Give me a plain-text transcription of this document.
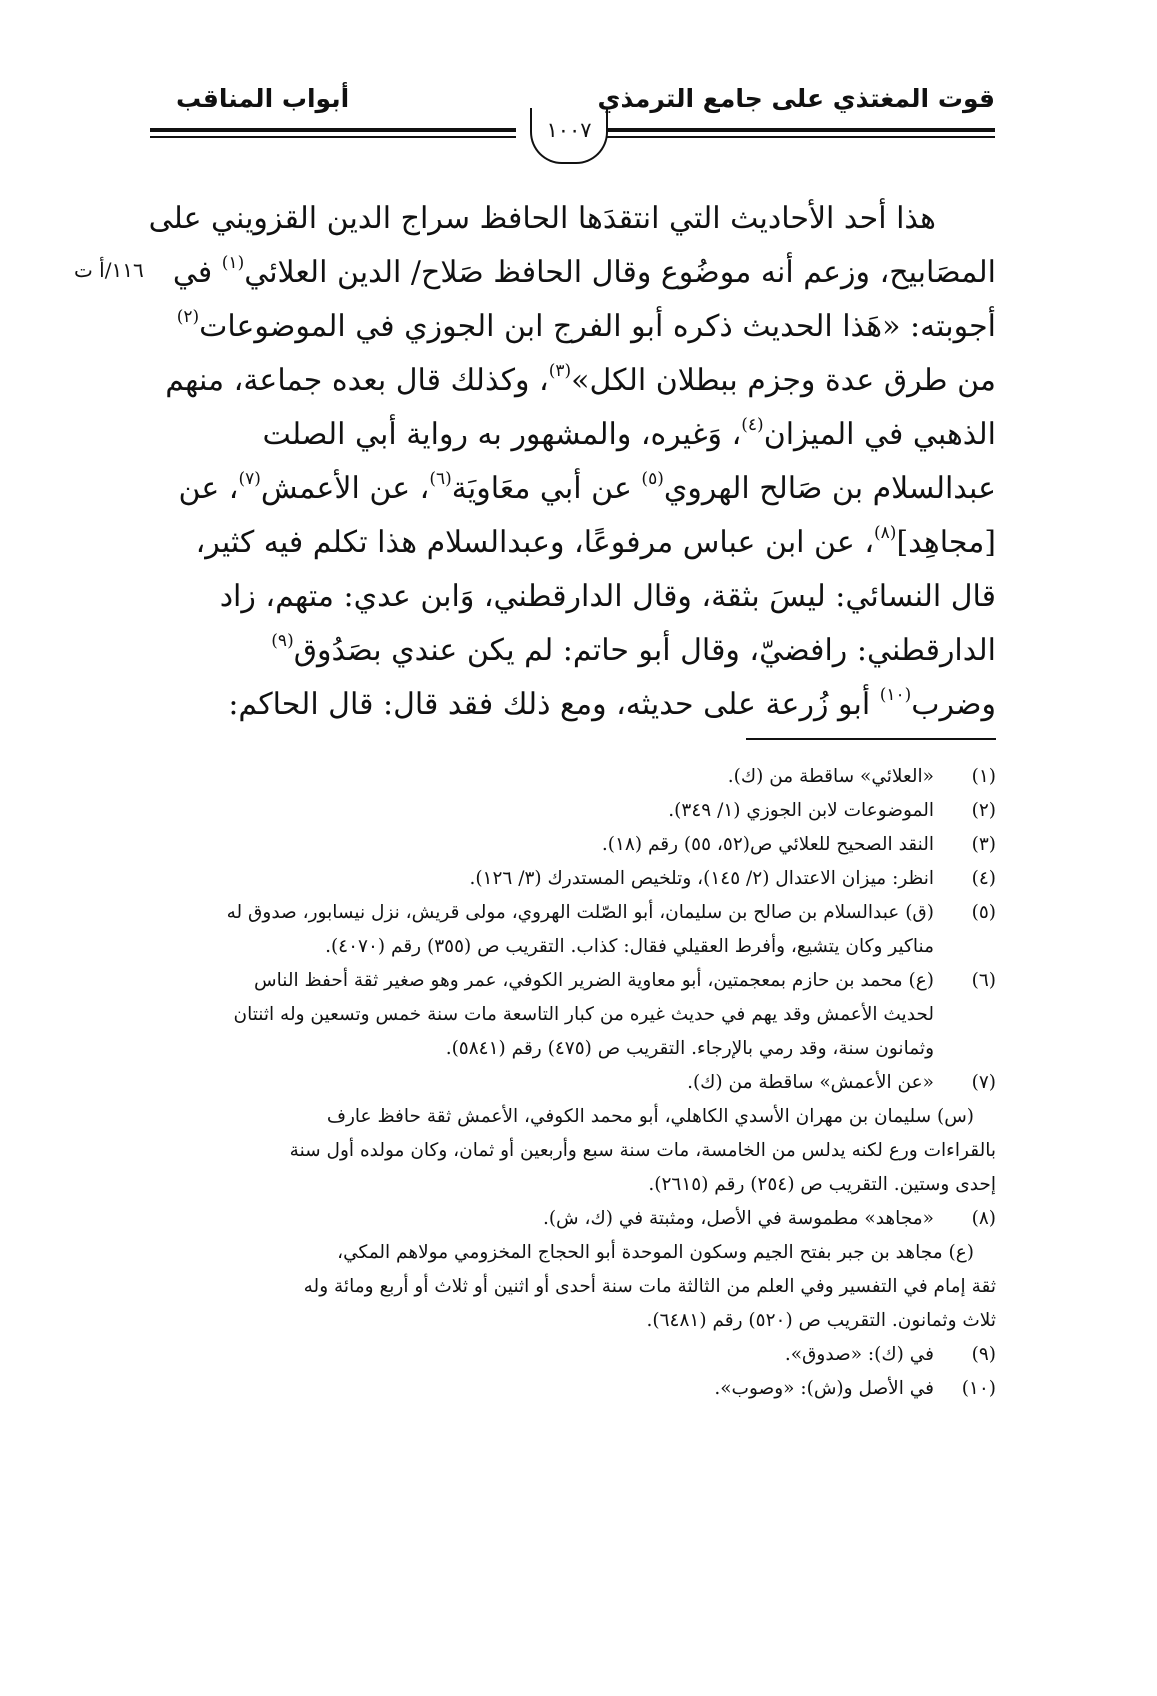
قوت المغتذي على جامع الترمذي
أبواب المناقب
١٠٠٧
١١٦/أ ت
هذا أحد الأحاديث التي انتقدَها الحافظ سراج الدين القزويني على
المصَابيح، وزعم أنه موضُوع وقال الحافظ صَلاح/ الدين العلائي$^{(١)}$ في
أجوبته: «هَذا الحديث ذكره أبو الفرج ابن الجوزي في الموضوعات$^{(٢)}$
من طرق عدة وجزم ببطلان الكل»$^{(٣)}$، وكذلك قال بعده جماعة، منهم
الذهبي في الميزان$^{(٤)}$، وَغيره، والمشهور به رواية أبي الصلت
عبدالسلام بن صَالح الهروي$^{(٥)}$ عن أبي معَاويَة$^{(٦)}$، عن الأعمش$^{(٧)}$، عن
[مجاهِد]$^{(٨)}$، عن ابن عباس مرفوعًا، وعبدالسلام هذا تكلم فيه كثير،
قال النسائي: ليسَ بثقة، وقال الدارقطني، وَابن عدي: متهم، زاد
الدارقطني: رافضيّ، وقال أبو حاتم: لم يكن عندي بصَدُوق$^{(٩)}$
وضرب$^{(١٠)}$ أبو زُرعة على حديثه، ومع ذلك فقد قال: قال الحاكم:
(١)
«العلائي» ساقطة من (ك).
(٢)
الموضوعات لابن الجوزي (١/ ٣٤٩).
(٣)
النقد الصحيح للعلائي ص(٥٢، ٥٥) رقم (١٨).
(٤)
انظر: ميزان الاعتدال (٢/ ١٤٥)، وتلخيص المستدرك (٣/ ١٢٦).
(٥)
(ق) عبدالسلام بن صالح بن سليمان، أبو الصّلت الهروي، مولى قريش، نزل نيسابور، صدوق له
مناكير وكان يتشيع، وأفرط العقيلي فقال: كذاب. التقريب ص (٣٥٥) رقم (٤٠٧٠).
(٦)
(ع) محمد بن حازم بمعجمتين، أبو معاوية الضرير الكوفي، عمر وهو صغير ثقة أحفظ الناس
لحديث الأعمش وقد يهم في حديث غيره من كبار التاسعة مات سنة خمس وتسعين وله اثنتان
وثمانون سنة، وقد رمي بالإرجاء. التقريب ص (٤٧٥) رقم (٥٨٤١).
(٧)
«عن الأعمش» ساقطة من (ك).
(س) سليمان بن مهران الأسدي الكاهلي، أبو محمد الكوفي، الأعمش ثقة حافظ عارف
بالقراءات ورع لكنه يدلس من الخامسة، مات سنة سبع وأربعين أو ثمان، وكان مولده أول سنة
إحدى وستين. التقريب ص (٢٥٤) رقم (٢٦١٥).
(٨)
«مجاهد» مطموسة في الأصل، ومثبتة في (ك، ش).
(ع) مجاهد بن جبر بفتح الجيم وسكون الموحدة أبو الحجاج المخزومي مولاهم المكي،
ثقة إمام في التفسير وفي العلم من الثالثة مات سنة أحدى أو اثنين أو ثلاث أو أربع ومائة وله
ثلاث وثمانون. التقريب ص (٥٢٠) رقم (٦٤٨١).
(٩)
في (ك): «صدوق».
(١٠)
في الأصل و(ش): «وصوب».
